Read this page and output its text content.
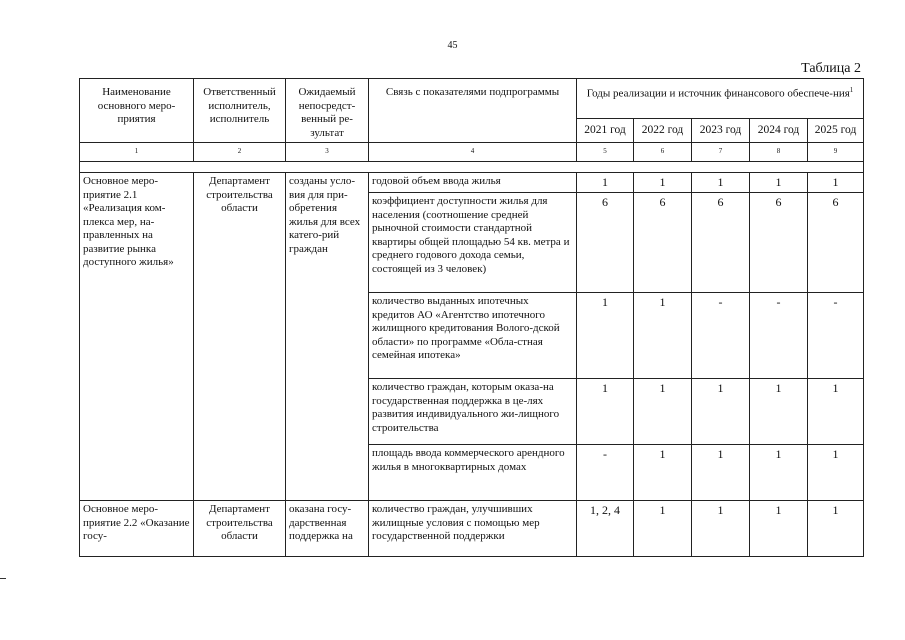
45
Таблица 2
Наименование основного меро-приятия	Ответственный исполнитель, исполнитель	Ожидаемый непосредст-венный ре-зультат	Связь с показателями подпрограммы	Годы реализации и источник финансового обеспече-ния$^1$
				2021 год	2022 год	2023 год	2024 год	2025 год
1	2	3	4	5	6	7	8	9

Основное меро-приятие 2.1 «Реализация ком-плекса мер, на-правленных на развитие рынка доступного жилья»	Департамент строительства области	созданы усло-вия для при-обретения жилья для всех катего-рий граждан	годовой объем ввода жилья	1	1	1	1	1
			коэффициент доступности жилья для населения (соотношение средней рыночной стоимости стандартной квартиры общей площадью 54 кв. метра и среднего годового дохода семьи, состоящей из 3 человек)	6	6	6	6	6
			количество выданных ипотечных кредитов АО «Агентство ипотечного жилищного кредитования Волого-дской области» по программе «Обла-стная семейная ипотека»	1	1	-	-	-
			количество граждан, которым оказа-на государственная поддержка в це-лях развития индивидуального жи-лищного строительства	1	1	1	1	1
			площадь ввода коммерческого арендного жилья в многоквартирных домах	-	1	1	1	1
Основное меро-приятие 2.2 «Оказание госу-	Департамент строительства области	оказана госу-дарственная поддержка на	количество граждан, улучшивших жилищные условия с помощью мер государственной поддержки	1, 2, 4	1	1	1	1
